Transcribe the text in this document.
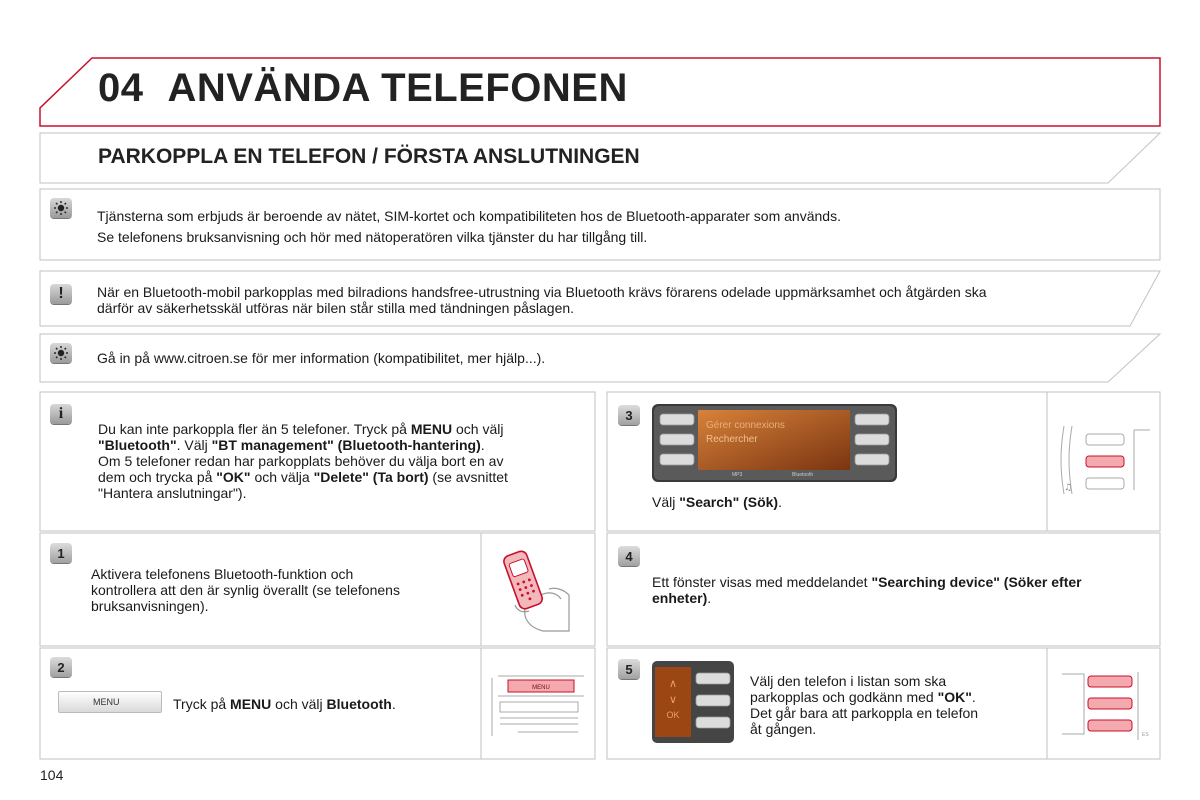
04 ANVÄNDA TELEFONEN
PARKOPPLA EN TELEFON / FÖRSTA ANSLUTNINGEN
Tjänsterna som erbjuds är beroende av nätet, SIM-kortet och kompatibiliteten hos de Bluetooth-apparater som används.
Se telefonens bruksanvisning och hör med nätoperatören vilka tjänster du har tillgång till.
!	När en Bluetooth-mobil parkopplas med bilradions handsfree-utrustning via Bluetooth krävs förarens odelade uppmärksamhet och åtgärden ska
därför av säkerhetsskäl utföras när bilen står stilla med tändningen påslagen.
Gå in på www.citroen.se för mer information (kompatibilitet, mer hjälp...).
i
Du kan inte parkoppla fler än 5 telefoner. Tryck på MENU och välj
"Bluetooth". Välj "BT management" (Bluetooth-hantering).
Om 5 telefoner redan har parkopplats behöver du välja bort en av
dem och trycka på "OK" och välja "Delete" (Ta bort) (se avsnittet
"Hantera anslutningar").
1
Aktivera telefonens Bluetooth-funktion och
kontrollera att den är synlig överallt (se telefonens
bruksanvisningen).
2
MENU	Tryck på MENU och välj Bluetooth.
MENU
3
Gérer connexions
Rechercher
MP3	Bluetooth
Välj "Search" (Sök).
♫
4
Ett fönster visas med meddelandet "Searching device" (Söker efter
enheter).
5
∧
∨
OK
Välj den telefon i listan som ska
parkopplas och godkänn med "OK".
Det går bara att parkoppla en telefon
åt gången.	ES
104
